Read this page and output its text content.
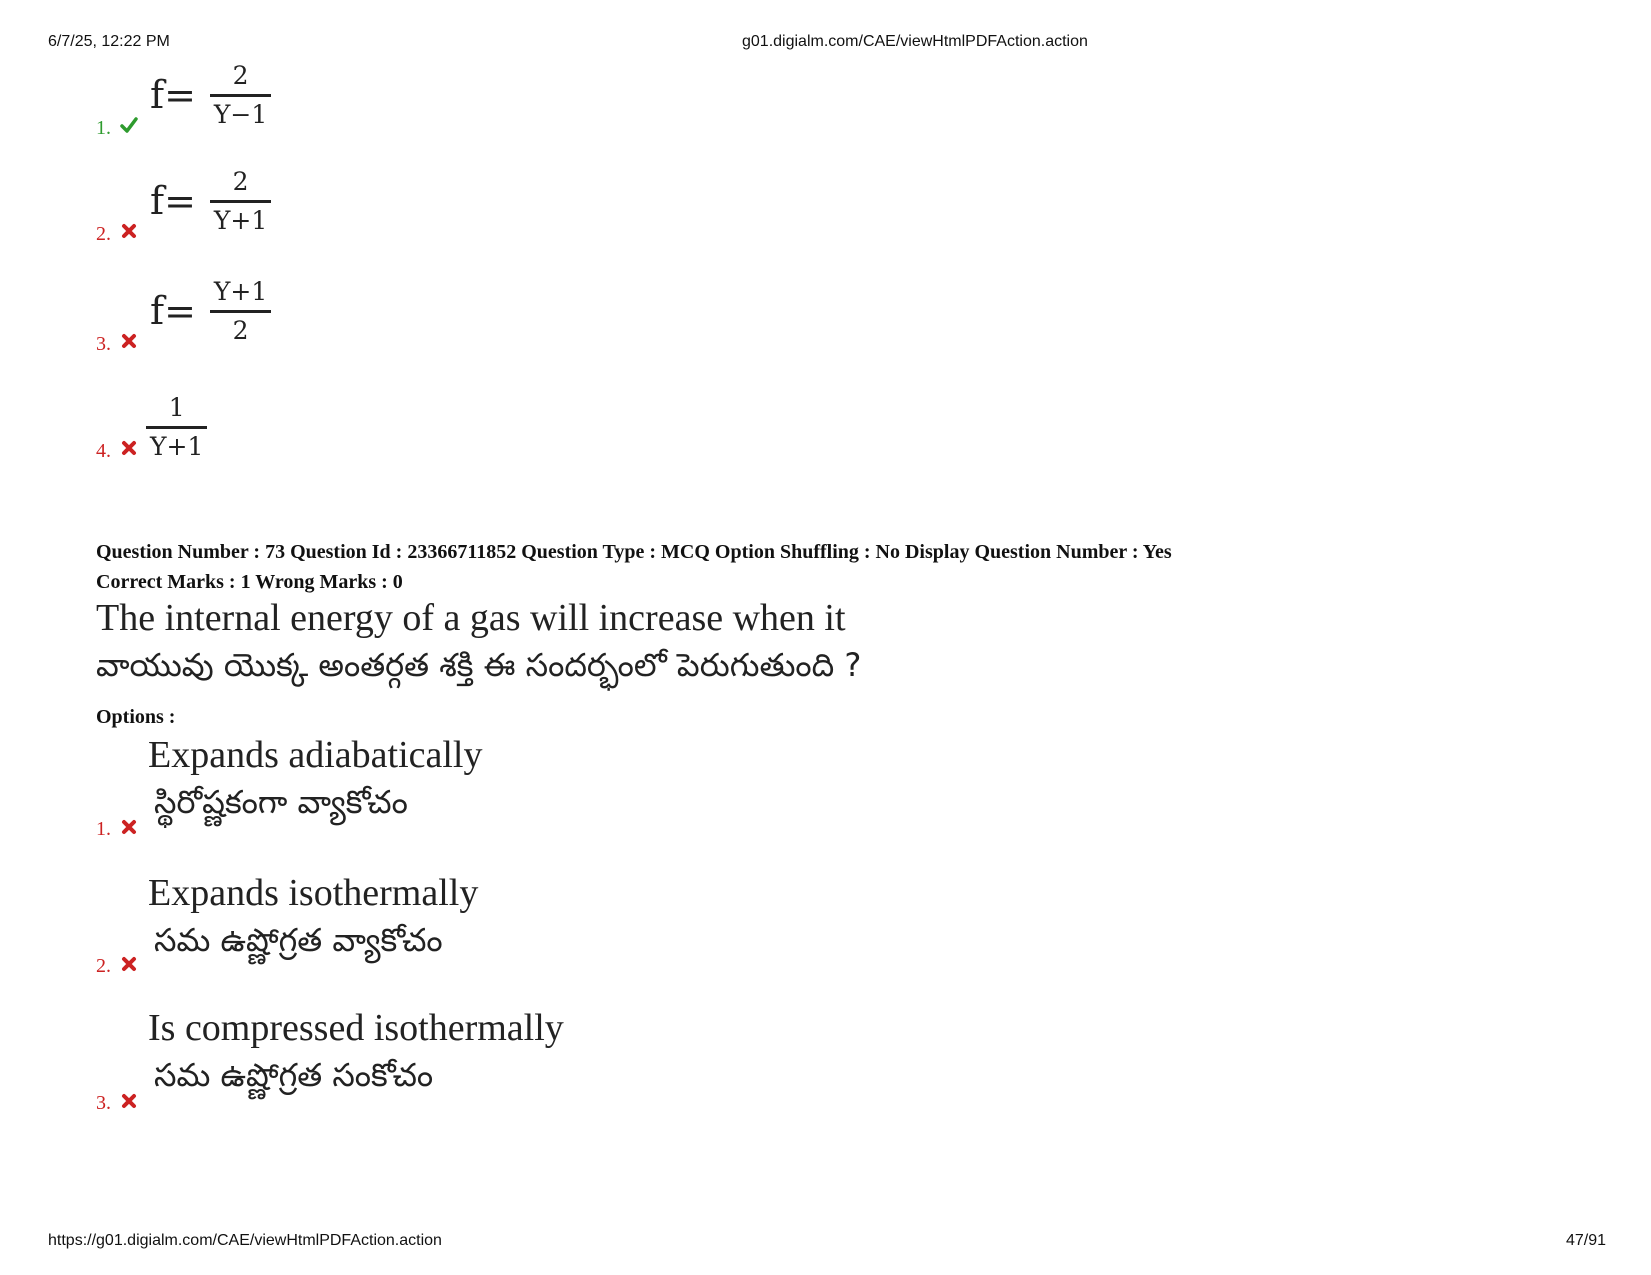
6/7/25, 12:22 PM	g01.digialm.com/CAE/viewHtmlPDFAction.action
1.
$f= \frac{2}{Y-1}$
2.
$f= \frac{2}{Y+1}$
3.
$f= \frac{Y+1}{2}$
4. $\frac{1}{Y+1}$
Question Number : 73 Question Id : 23366711852 Question Type : MCQ Option Shuffling : No Display Question Number : Yes
Correct Marks : 1 Wrong Marks : 0
The internal energy of a gas will increase when it
వాయువు యొక్క అంతర్గత శక్తి ఈ సందర్భంలో పెరుగుతుంది ?
Options :
Expands adiabatically
స్థిరోష్ణకంగా వ్యాకోచం
1.
Expands isothermally
సమ ఉష్ణోగ్రత వ్యాకోచం
2.
Is compressed isothermally
సమ ఉష్ణోగ్రత సంకోచం
3.
https://g01.digialm.com/CAE/viewHtmlPDFAction.action	47/91
